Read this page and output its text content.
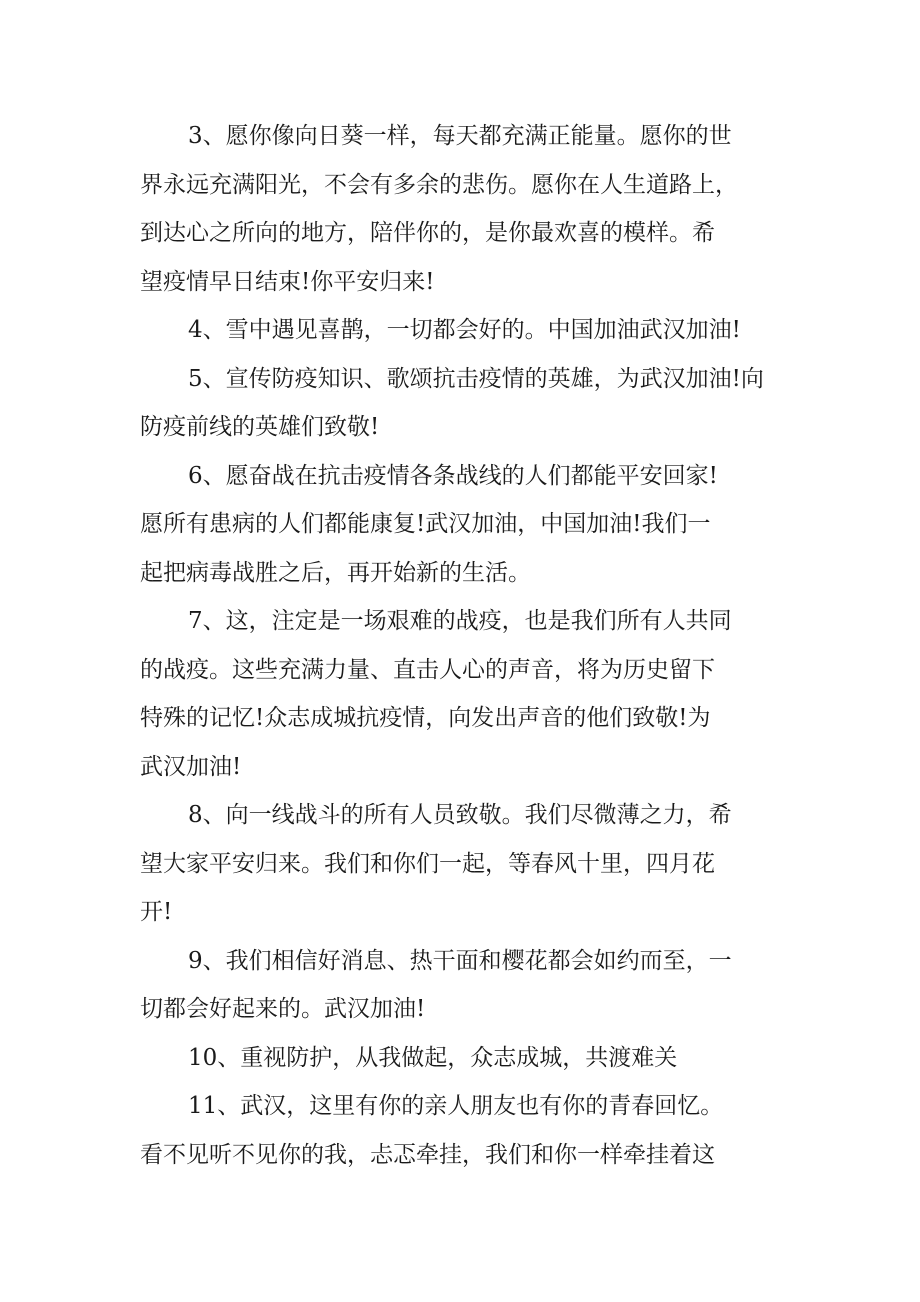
3、愿你像向日葵一样，每天都充满正能量。愿你的世
界永远充满阳光，不会有多余的悲伤。愿你在人生道路上，
到达心之所向的地方，陪伴你的，是你最欢喜的模样。希
望疫情早日结束!你平安归来!
4、雪中遇见喜鹊，一切都会好的。中国加油武汉加油!
5、宣传防疫知识、歌颂抗击疫情的英雄，为武汉加油!向
防疫前线的英雄们致敬!
6、愿奋战在抗击疫情各条战线的人们都能平安回家!
愿所有患病的人们都能康复!武汉加油，中国加油!我们一
起把病毒战胜之后，再开始新的生活。
7、这，注定是一场艰难的战疫，也是我们所有人共同
的战疫。这些充满力量、直击人心的声音，将为历史留下
特殊的记忆!众志成城抗疫情，向发出声音的他们致敬!为
武汉加油!
8、向一线战斗的所有人员致敬。我们尽微薄之力，希
望大家平安归来。我们和你们一起，等春风十里，四月花
开!
9、我们相信好消息、热干面和樱花都会如约而至，一
切都会好起来的。武汉加油!
10、重视防护，从我做起，众志成城，共渡难关
11、武汉，这里有你的亲人朋友也有你的青春回忆。
看不见听不见你的我，忐忑牵挂，我们和你一样牵挂着这
